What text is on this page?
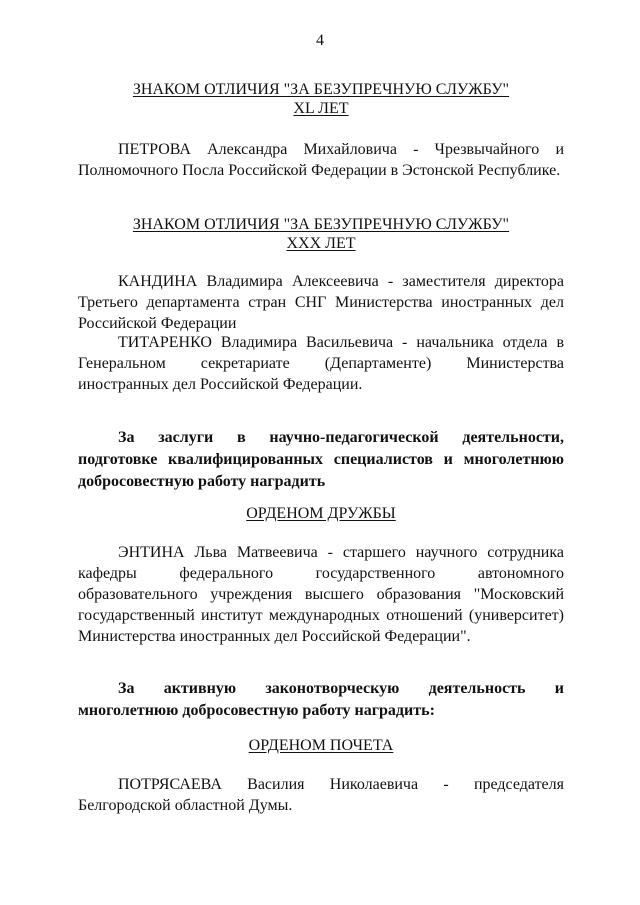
4
ЗНАКОМ ОТЛИЧИЯ "ЗА БЕЗУПРЕЧНУЮ СЛУЖБУ"
XL ЛЕТ
ПЕТРОВА Александра Михайловича - Чрезвычайного и Полномочного Посла Российской Федерации в Эстонской Республике.
ЗНАКОМ ОТЛИЧИЯ "ЗА БЕЗУПРЕЧНУЮ СЛУЖБУ"
XXX ЛЕТ
КАНДИНА Владимира Алексеевича - заместителя директора Третьего департамента стран СНГ Министерства иностранных дел Российской Федерации
ТИТАРЕНКО Владимира Васильевича - начальника отдела в Генеральном секретариате (Департаменте) Министерства иностранных дел Российской Федерации.
За заслуги в научно-педагогической деятельности, подготовке квалифицированных специалистов и многолетнюю добросовестную работу наградить
ОРДЕНОМ ДРУЖБЫ
ЭНТИНА Льва Матвеевича - старшего научного сотрудника кафедры федерального государственного автономного образовательного учреждения высшего образования "Московский государственный институт международных отношений (университет) Министерства иностранных дел Российской Федерации".
За активную законотворческую деятельность и многолетнюю добросовестную работу наградить:
ОРДЕНОМ ПОЧЕТА
ПОТРЯСАЕВА Василия Николаевича - председателя Белгородской областной Думы.
